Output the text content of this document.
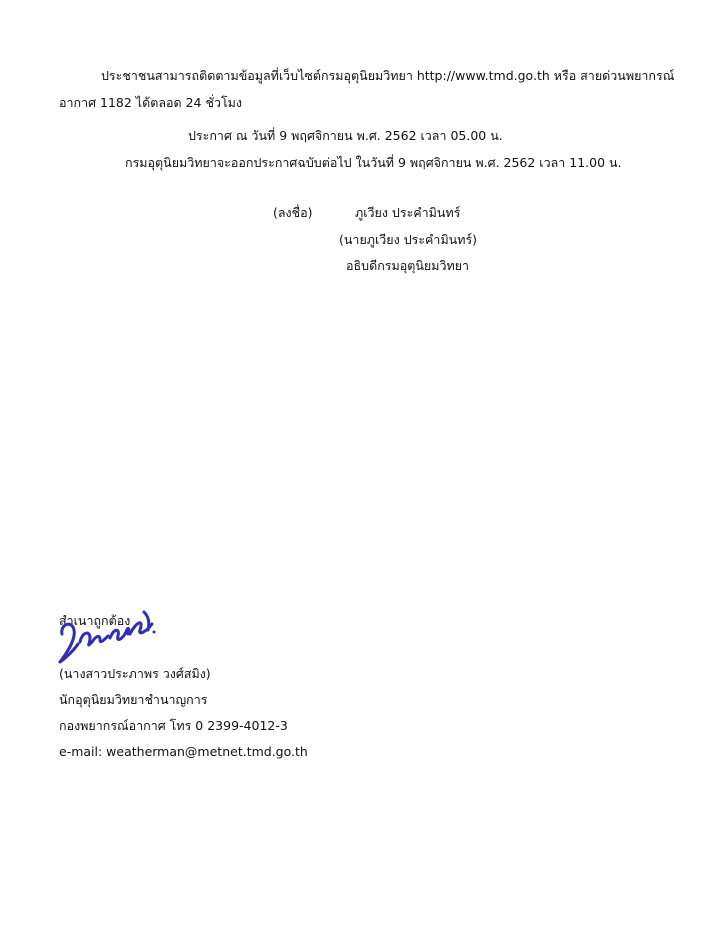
ประชาชนสามารถติดตามข้อมูลที่เว็บไซต์กรมอุตุนิยมวิทยา http://www.tmd.go.th หรือ สายด่วนพยากรณ์
อากาศ 1182 ได้ตลอด 24 ชั่วโมง
ประกาศ ณ วันที่ 9 พฤศจิกายน พ.ศ. 2562 เวลา 05.00 น.
กรมอุตุนิยมวิทยาจะออกประกาศฉบับต่อไป ในวันที่ 9 พฤศจิกายน พ.ศ. 2562 เวลา 11.00 น.
(ลงชื่อ)	ภูเวียง ประคำมินทร์
(นายภูเวียง ประคำมินทร์)
อธิบดีกรมอุตุนิยมวิทยา
สำเนาถูกต้อง
(นางสาวประภาพร วงศ์สมิง)
นักอุตุนิยมวิทยาชำนาญการ
กองพยากรณ์อากาศ โทร 0 2399-4012-3
e-mail: weatherman@metnet.tmd.go.th
